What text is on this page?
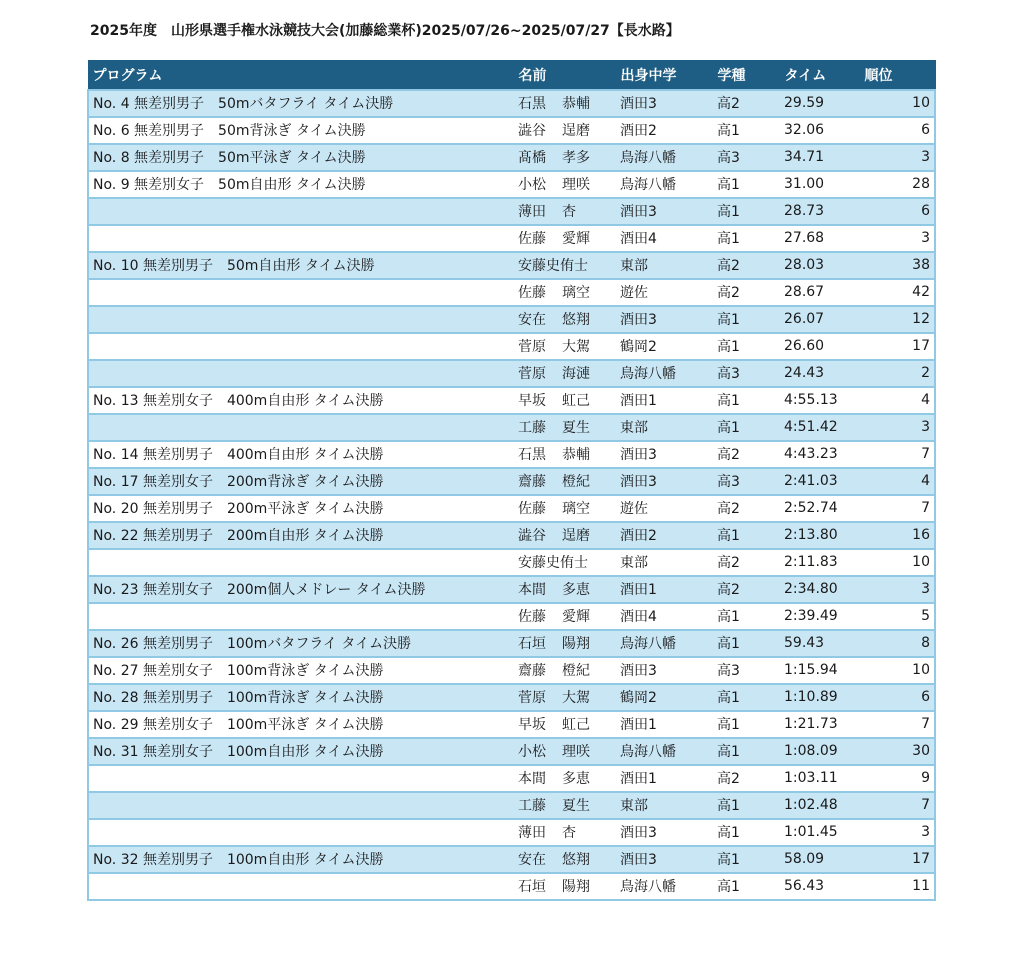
2025年度　山形県選手権水泳競技大会(加藤総業杯)2025/07/26~2025/07/27【長水路】
プログラム	名前	出身中学	学種	タイム	順位
No. 4 無差別男子　50mバタフライ タイム決勝	石黒 恭輔	酒田3	高2	29.59	10
No. 6 無差別男子　50m背泳ぎ タイム決勝	澁谷 逞磨	酒田2	高1	32.06	6
No. 8 無差別男子　50m平泳ぎ タイム決勝	髙橋 孝多	鳥海八幡	高3	34.71	3
No. 9 無差別女子　50m自由形 タイム決勝	小松 理咲	鳥海八幡	高1	31.00	28
	薄田 杏	酒田3	高1	28.73	6
	佐藤 愛輝	酒田4	高1	27.68	3
No. 10 無差別男子　50m自由形 タイム決勝	安藤史侑士	東部	高2	28.03	38
	佐藤 璃空	遊佐	高2	28.67	42
	安在 悠翔	酒田3	高1	26.07	12
	菅原 大駕	鶴岡2	高1	26.60	17
	菅原 海漣	鳥海八幡	高3	24.43	2
No. 13 無差別女子　400m自由形 タイム決勝	早坂 虹己	酒田1	高1	4:55.13	4
	工藤 夏生	東部	高1	4:51.42	3
No. 14 無差別男子　400m自由形 タイム決勝	石黒 恭輔	酒田3	高2	4:43.23	7
No. 17 無差別女子　200m背泳ぎ タイム決勝	齋藤 橙紀	酒田3	高3	2:41.03	4
No. 20 無差別男子　200m平泳ぎ タイム決勝	佐藤 璃空	遊佐	高2	2:52.74	7
No. 22 無差別男子　200m自由形 タイム決勝	澁谷 逞磨	酒田2	高1	2:13.80	16
	安藤史侑士	東部	高2	2:11.83	10
No. 23 無差別女子　200m個人メドレー タイム決勝	本間 多恵	酒田1	高2	2:34.80	3
	佐藤 愛輝	酒田4	高1	2:39.49	5
No. 26 無差別男子　100mバタフライ タイム決勝	石垣 陽翔	鳥海八幡	高1	59.43	8
No. 27 無差別女子　100m背泳ぎ タイム決勝	齋藤 橙紀	酒田3	高3	1:15.94	10
No. 28 無差別男子　100m背泳ぎ タイム決勝	菅原 大駕	鶴岡2	高1	1:10.89	6
No. 29 無差別女子　100m平泳ぎ タイム決勝	早坂 虹己	酒田1	高1	1:21.73	7
No. 31 無差別女子　100m自由形 タイム決勝	小松 理咲	鳥海八幡	高1	1:08.09	30
	本間 多恵	酒田1	高2	1:03.11	9
	工藤 夏生	東部	高1	1:02.48	7
	薄田 杏	酒田3	高1	1:01.45	3
No. 32 無差別男子　100m自由形 タイム決勝	安在 悠翔	酒田3	高1	58.09	17
	石垣 陽翔	鳥海八幡	高1	56.43	11
